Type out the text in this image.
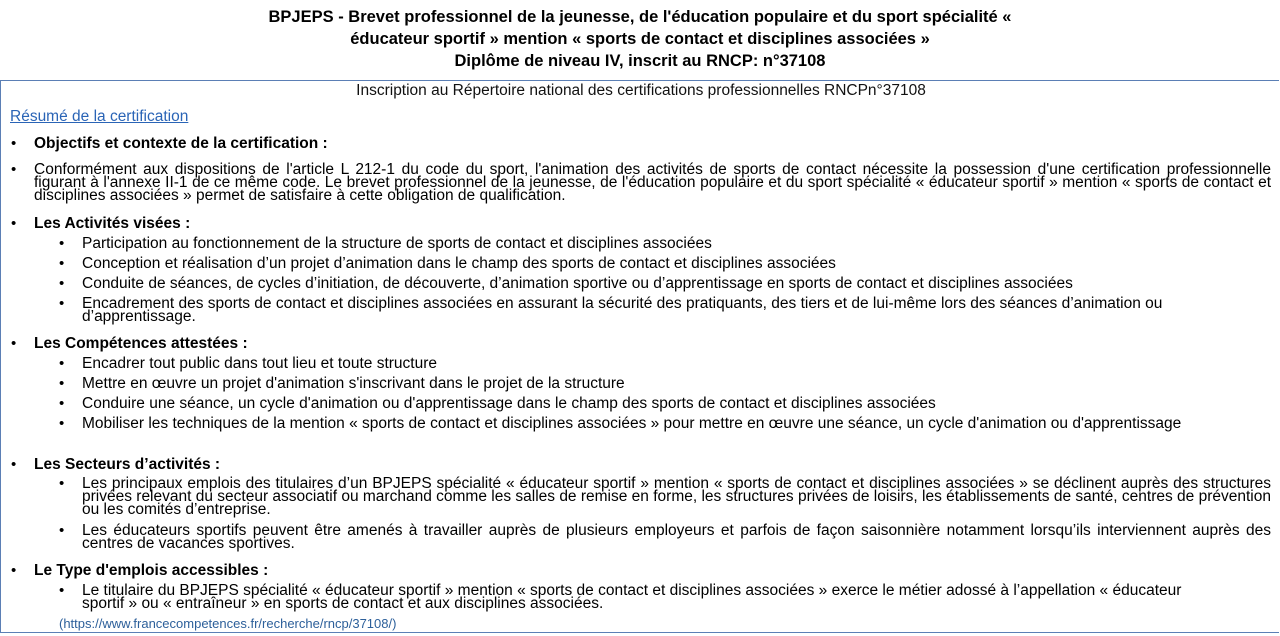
BPJEPS - Brevet professionnel de la jeunesse, de l'éducation populaire et du sport spécialité «
éducateur sportif » mention « sports de contact et disciplines associées »
Diplôme de niveau IV, inscrit au RNCP: n°37108
Inscription au Répertoire national des certifications professionnelles RNCPn°37108
Résumé de la certification
•	Objectifs et contexte de la certification :
•	Conformément aux dispositions de l'article L 212-1 du code du sport, l'animation des activités de sports de contact nécessite la possession d'une certification professionnelle figurant à l'annexe II-1 de ce même code. Le brevet professionnel de la jeunesse, de l'éducation populaire et du sport spécialité « éducateur sportif » mention « sports de contact et disciplines associées » permet de satisfaire à cette obligation de qualification.
•	Les Activités visées :
•	Participation au fonctionnement de la structure de sports de contact et disciplines associées
•	Conception et réalisation d’un projet d’animation dans le champ des sports de contact et disciplines associées
•	Conduite de séances, de cycles d’initiation, de découverte, d’animation sportive ou d’apprentissage en sports de contact et disciplines associées
•	Encadrement des sports de contact et disciplines associées en assurant la sécurité des pratiquants, des tiers et de lui-même lors des séances d’animation ou d’apprentissage.
•	Les Compétences attestées :
•	Encadrer tout public dans tout lieu et toute structure
•	Mettre en œuvre un projet d'animation s'inscrivant dans le projet de la structure
•	Conduire une séance, un cycle d'animation ou d'apprentissage dans le champ des sports de contact et disciplines associées
•	Mobiliser les techniques de la mention « sports de contact et disciplines associées » pour mettre en œuvre une séance, un cycle d'animation ou d'apprentissage
•	Les Secteurs d’activités :
•	Les principaux emplois des titulaires d’un BPJEPS spécialité « éducateur sportif » mention « sports de contact et disciplines associées » se déclinent auprès des structures privées relevant du secteur associatif ou marchand comme les salles de remise en forme, les structures privées de loisirs, les établissements de santé, centres de prévention ou les comités d’entreprise.
•	Les éducateurs sportifs peuvent être amenés à travailler auprès de plusieurs employeurs et parfois de façon saisonnière notamment lorsqu’ils interviennent auprès des centres de vacances sportives.
•	Le Type d'emplois accessibles :
•	Le titulaire du BPJEPS spécialité « éducateur sportif » mention « sports de contact et disciplines associées » exerce le métier adossé à l’appellation « éducateur sportif » ou « entraîneur » en sports de contact et aux disciplines associées.
(https://www.francecompetences.fr/recherche/rncp/37108/)
